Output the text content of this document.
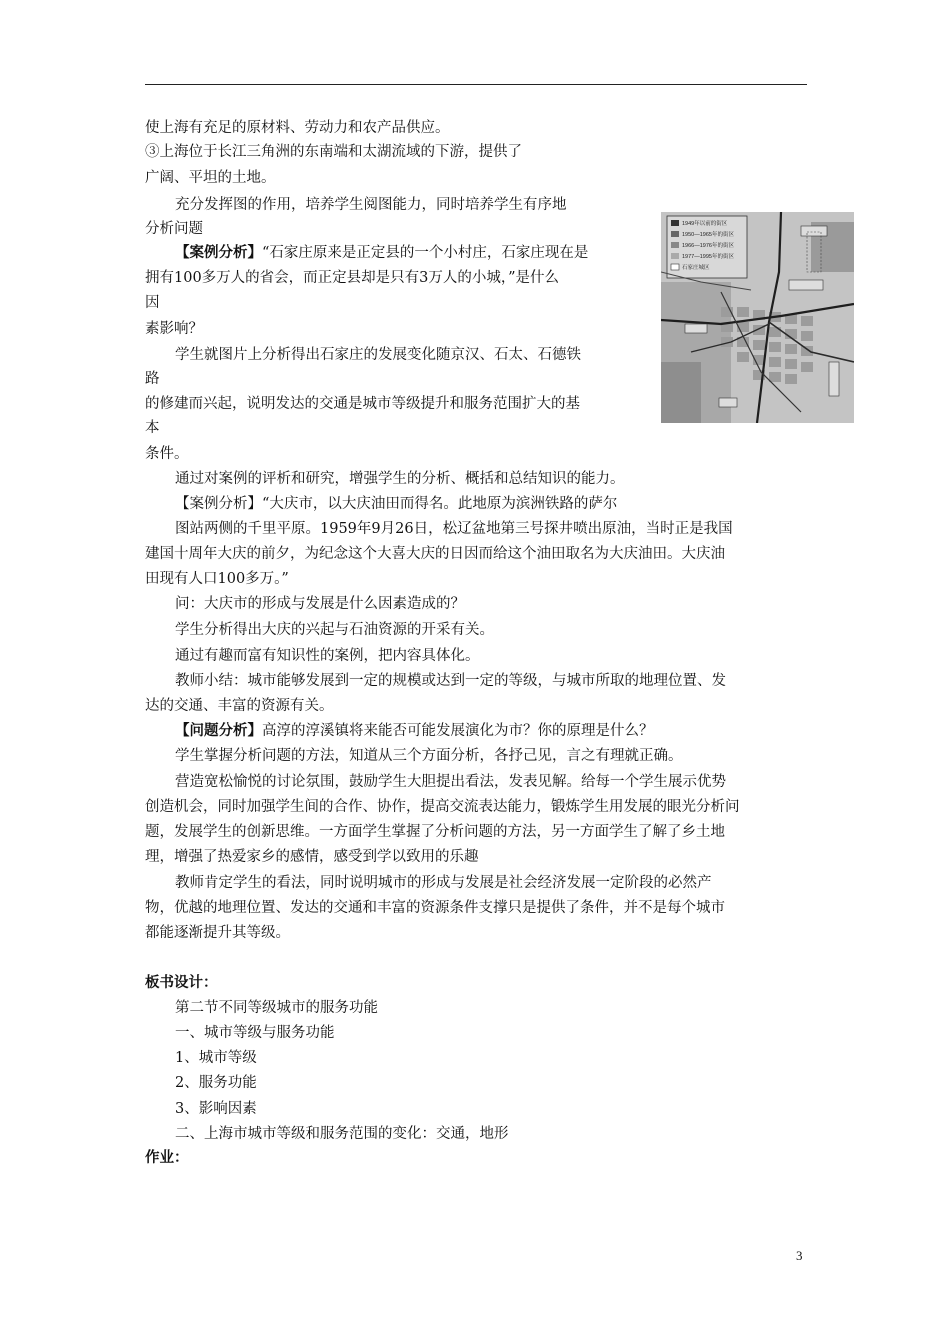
使上海有充足的原材料、劳动力和农产品供应。
③上海位于长江三角洲的东南端和太湖流域的下游，提供了
广阔、平坦的土地。
充分发挥图的作用，培养学生阅图能力，同时培养学生有序地
分析问题
【案例分析】“石家庄原来是正定县的一个小村庄，石家庄现在是
拥有100多万人的省会，而正定县却是只有3万人的小城，”是什么
因
素影响？
学生就图片上分析得出石家庄的发展变化随京汉、石太、石德铁
路
的修建而兴起，说明发达的交通是城市等级提升和服务范围扩大的基
本
条件。
通过对案例的评析和研究，增强学生的分析、概括和总结知识的能力。
【案例分析】“大庆市，以大庆油田而得名。此地原为滨洲铁路的萨尔
图站两侧的千里平原。1959年9月26日，松辽盆地第三号探井喷出原油，当时正是我国
建国十周年大庆的前夕，为纪念这个大喜大庆的日因而给这个油田取名为大庆油田。大庆油
田现有人口100多万。”
问：大庆市的形成与发展是什么因素造成的？
学生分析得出大庆的兴起与石油资源的开采有关。
通过有趣而富有知识性的案例，把内容具体化。
教师小结：城市能够发展到一定的规模或达到一定的等级，与城市所取的地理位置、发
达的交通、丰富的资源有关。
【问题分析】高淳的淳溪镇将来能否可能发展演化为市？你的原理是什么？
学生掌握分析问题的方法，知道从三个方面分析，各抒己见，言之有理就正确。
营造宽松愉悦的讨论氛围，鼓励学生大胆提出看法，发表见解。给每一个学生展示优势
创造机会，同时加强学生间的合作、协作，提高交流表达能力，锻炼学生用发展的眼光分析问
题，发展学生的创新思维。一方面学生掌握了分析问题的方法，另一方面学生了解了乡土地
理，增强了热爱家乡的感情，感受到学以致用的乐趣
教师肯定学生的看法，同时说明城市的形成与发展是社会经济发展一定阶段的必然产
物，优越的地理位置、发达的交通和丰富的资源条件支撑只是提供了条件，并不是每个城市
都能逐渐提升其等级。
板书设计：
第二节不同等级城市的服务功能
一、城市等级与服务功能
1、城市等级
2、服务功能
3、影响因素
二、上海市城市等级和服务范围的变化：交通，地形
作业：
1949年以前的街区
1950—1965年的街区
1966—1976年的街区
1977—1995年的街区
石家庄城区
3
